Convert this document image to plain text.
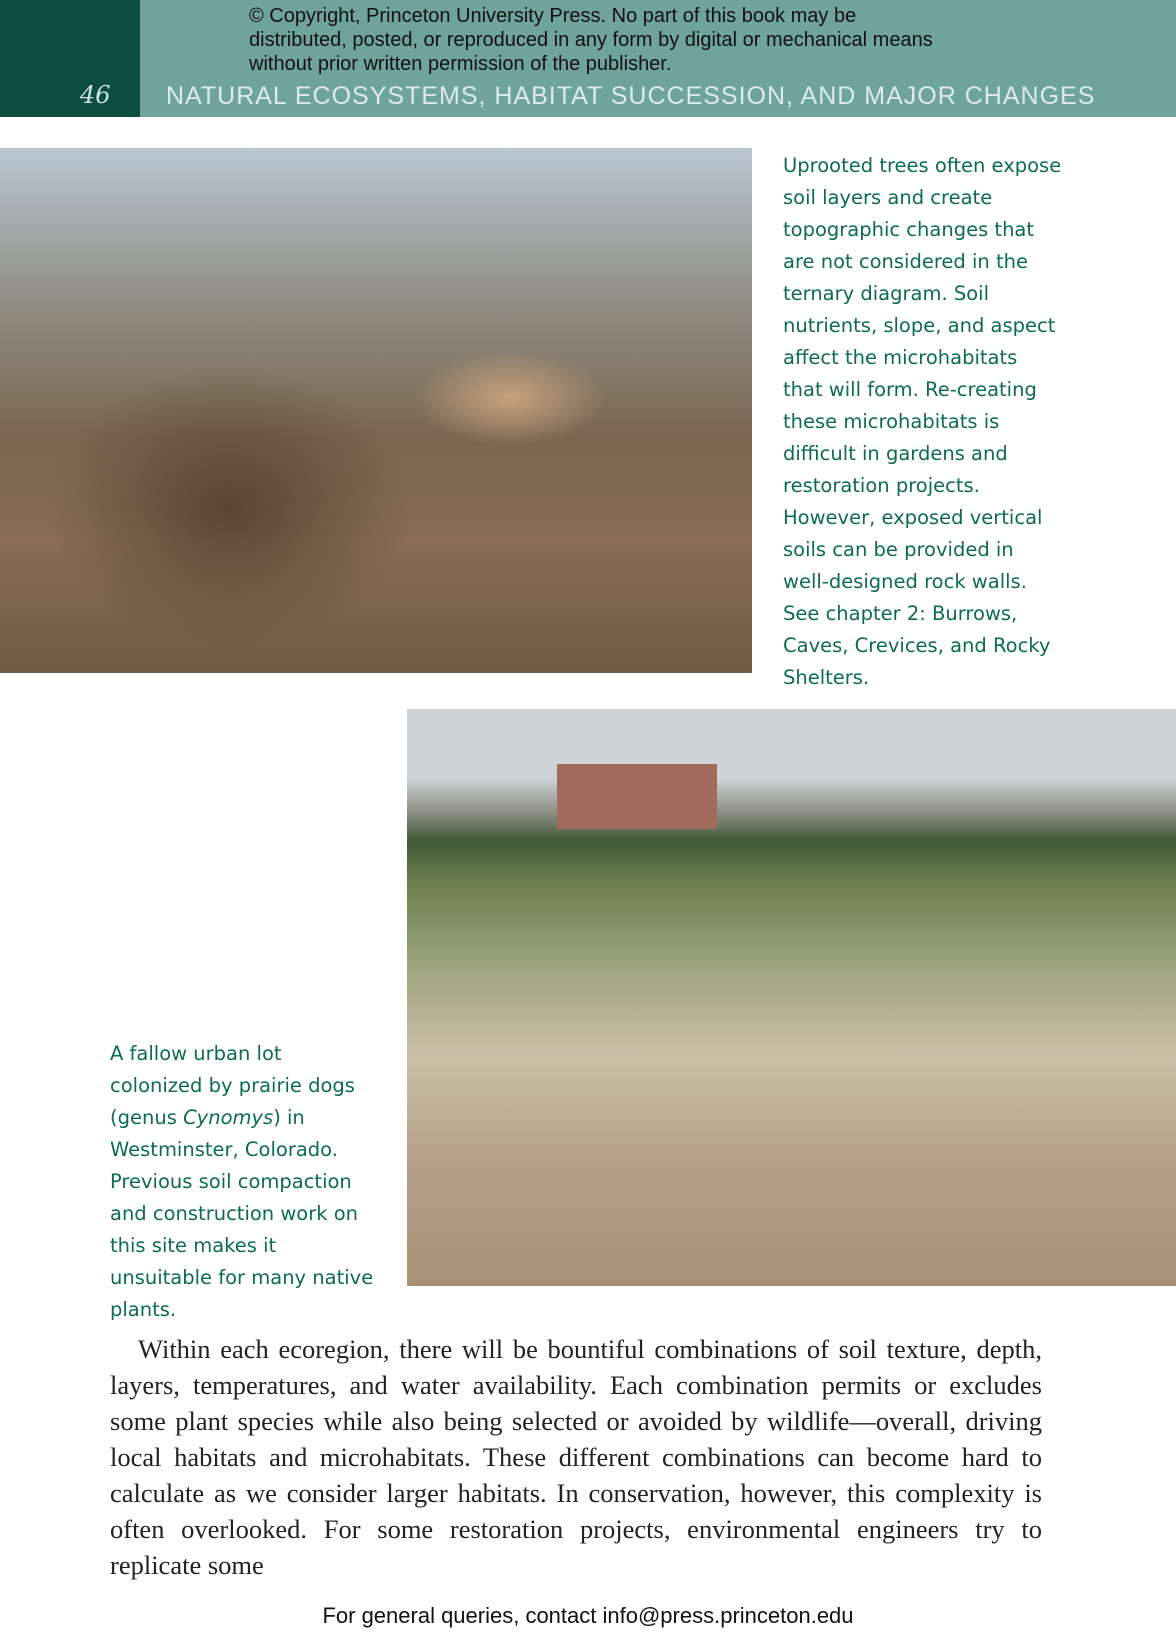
46 NATURAL ECOSYSTEMS, HABITAT SUCCESSION, AND MAJOR CHANGES
© Copyright, Princeton University Press. No part of this book may be distributed, posted, or reproduced in any form by digital or mechanical means without prior written permission of the publisher.
Uprooted trees often expose soil layers and create topographic changes that are not considered in the ternary diagram. Soil nutrients, slope, and aspect affect the microhabitats that will form. Re-creating these microhabitats is difficult in gardens and restoration projects. However, exposed vertical soils can be provided in well-designed rock walls. See chapter 2: Burrows, Caves, Crevices, and Rocky Shelters.
A fallow urban lot colonized by prairie dogs (genus Cynomys) in Westminster, Colorado. Previous soil compaction and construction work on this site makes it unsuitable for many native plants.
Within each ecoregion, there will be bountiful combinations of soil texture, depth, layers, temperatures, and water availability. Each combination permits or excludes some plant species while also being selected or avoided by wildlife—overall, driving local habitats and microhabitats. These different combinations can become hard to calculate as we consider larger habitats. In conservation, however, this complexity is often overlooked. For some restoration projects, environmental engineers try to replicate some
For general queries, contact info@press.princeton.edu
